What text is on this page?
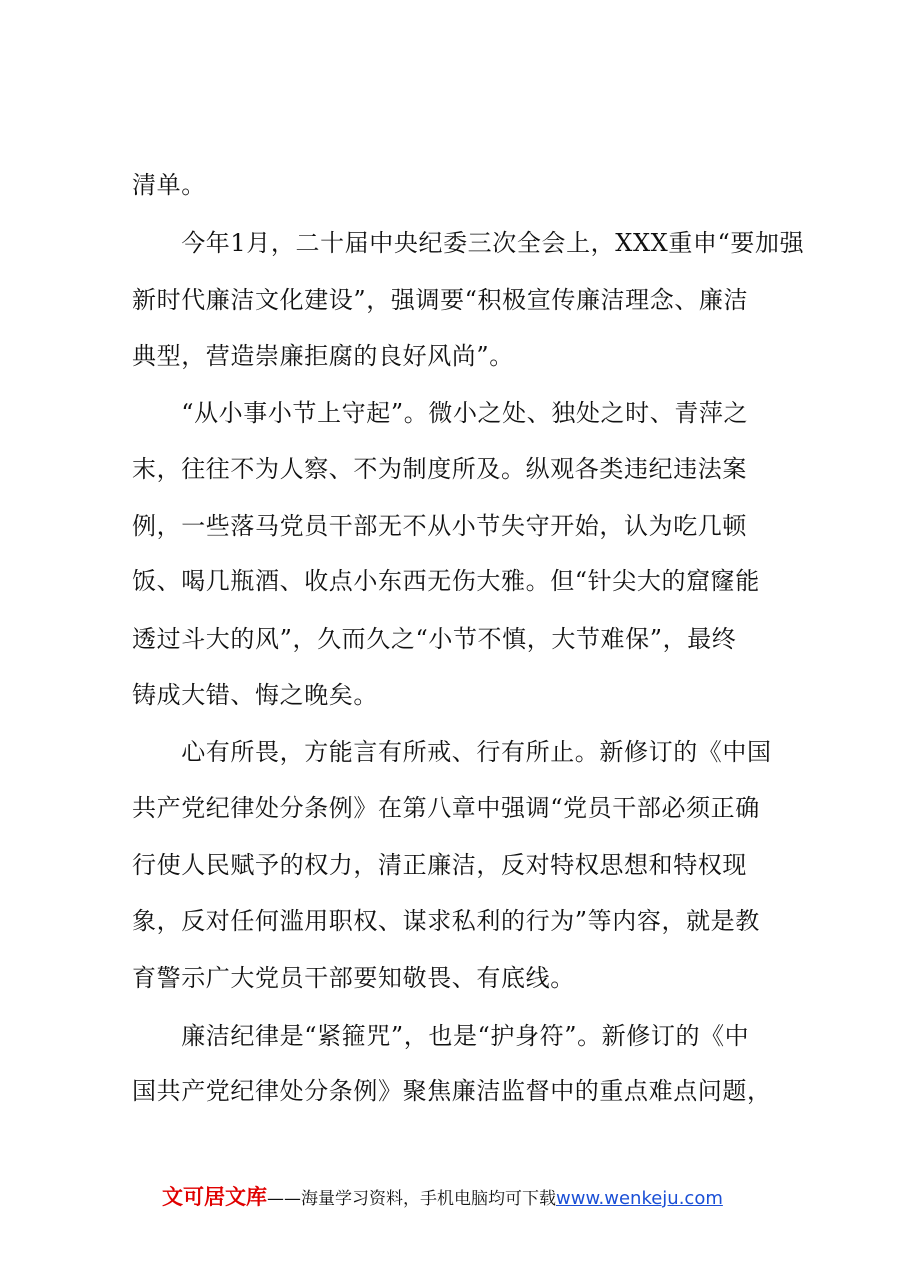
清单。
　　今年1月，二十届中央纪委三次全会上，XXX重申“要加强
新时代廉洁文化建设”，强调要“积极宣传廉洁理念、廉洁
典型，营造崇廉拒腐的良好风尚”。
　　“从小事小节上守起”。微小之处、独处之时、青萍之
末，往往不为人察、不为制度所及。纵观各类违纪违法案
例，一些落马党员干部无不从小节失守开始，认为吃几顿
饭、喝几瓶酒、收点小东西无伤大雅。但“针尖大的窟窿能
透过斗大的风”，久而久之“小节不慎，大节难保”，最终
铸成大错、悔之晚矣。
　　心有所畏，方能言有所戒、行有所止。新修订的《中国
共产党纪律处分条例》在第八章中强调“党员干部必须正确
行使人民赋予的权力，清正廉洁，反对特权思想和特权现
象，反对任何滥用职权、谋求私利的行为”等内容，就是教
育警示广大党员干部要知敬畏、有底线。
　　廉洁纪律是“紧箍咒”，也是“护身符”。新修订的《中
国共产党纪律处分条例》聚焦廉洁监督中的重点难点问题，
文可居文库——海量学习资料，手机电脑均可下载www.wenkeju.com
